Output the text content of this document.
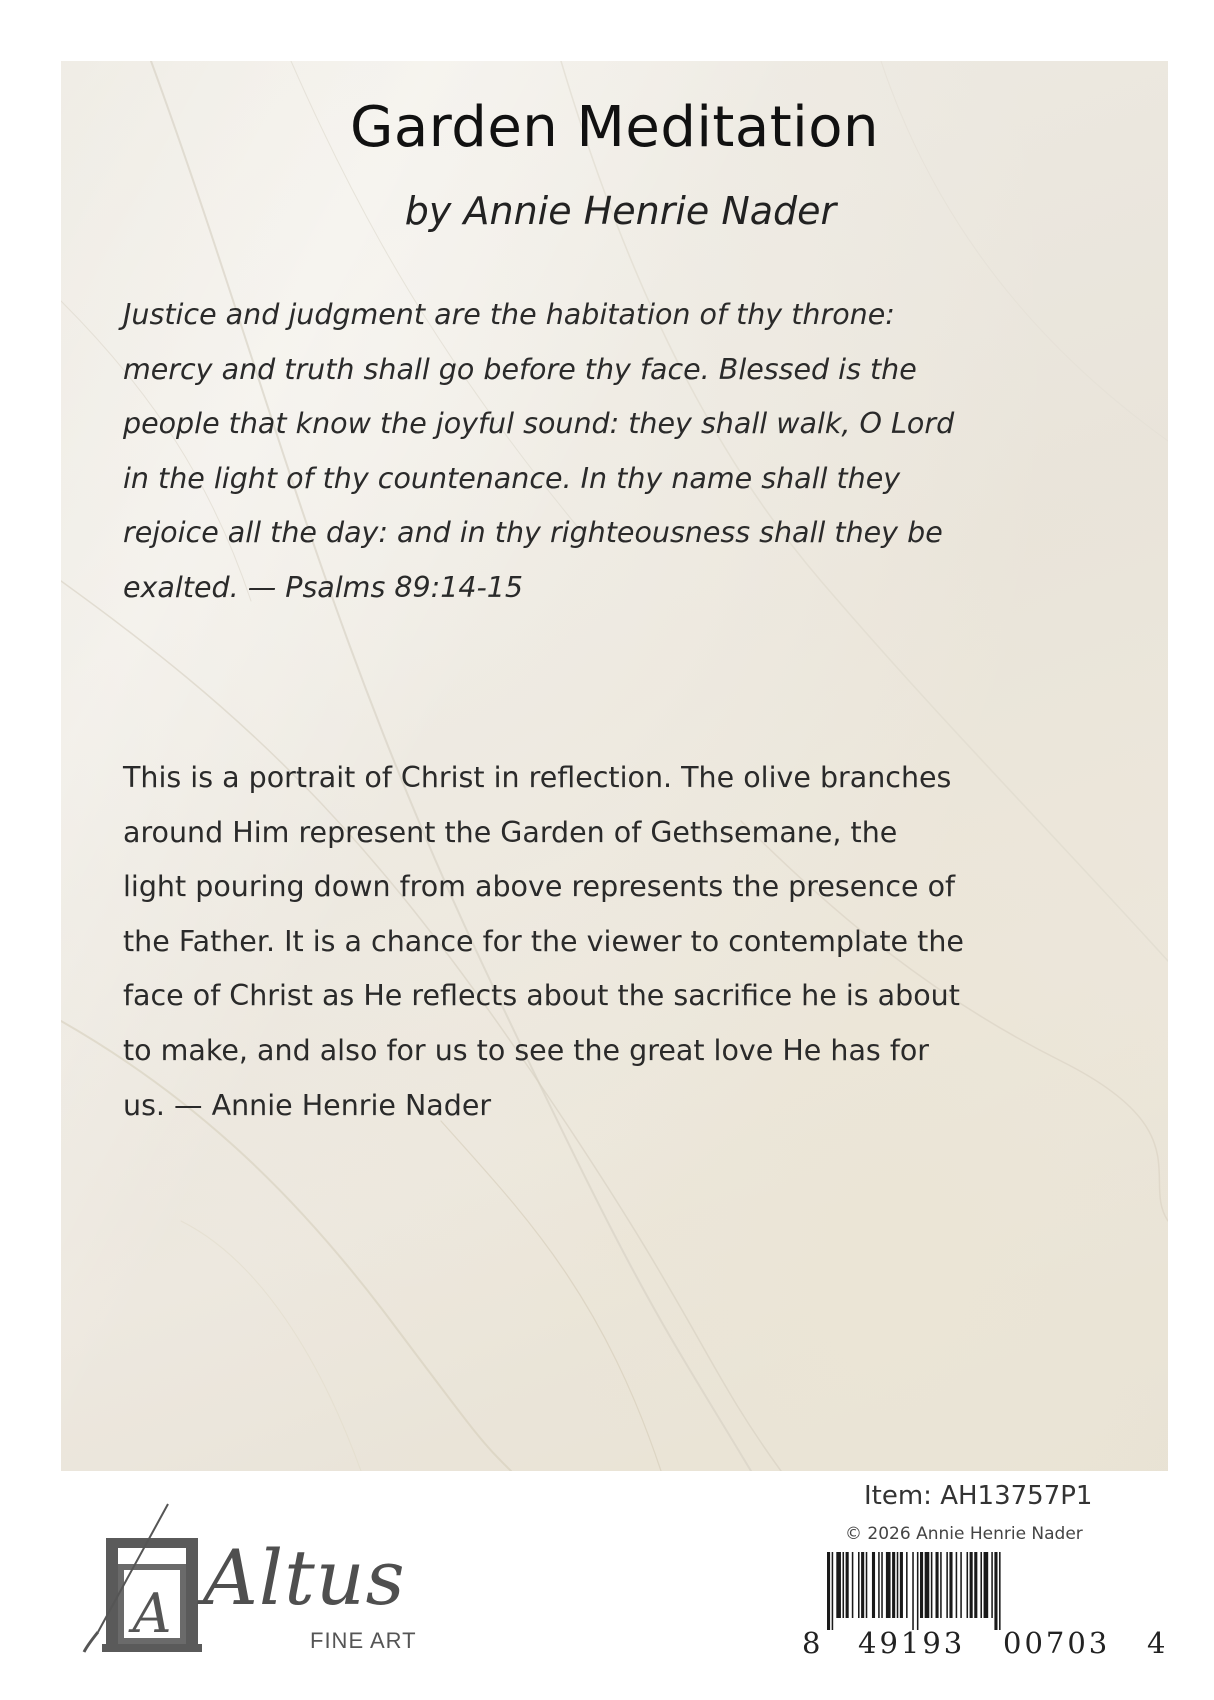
Garden Meditation
by Annie Henrie Nader
Justice and judgment are the habitation of thy throne:
mercy and truth shall go before thy face. Blessed is the
people that know the joyful sound: they shall walk, O Lord
in the light of thy countenance. In thy name shall they
rejoice all the day: and in thy righteousness shall they be
exalted. — Psalms 89:14-15
This is a portrait of Christ in reflection. The olive branches
around Him represent the Garden of Gethsemane, the
light pouring down from above represents the presence of
the Father. It is a chance for the viewer to contemplate the
face of Christ as He reflects about the sacrifice he is about
to make, and also for us to see the great love He has for
us. — Annie Henrie Nader
A Altus
FINE ART
Item: AH13757P1
© 2026 Annie Henrie Nader
8 49193 00703 4
